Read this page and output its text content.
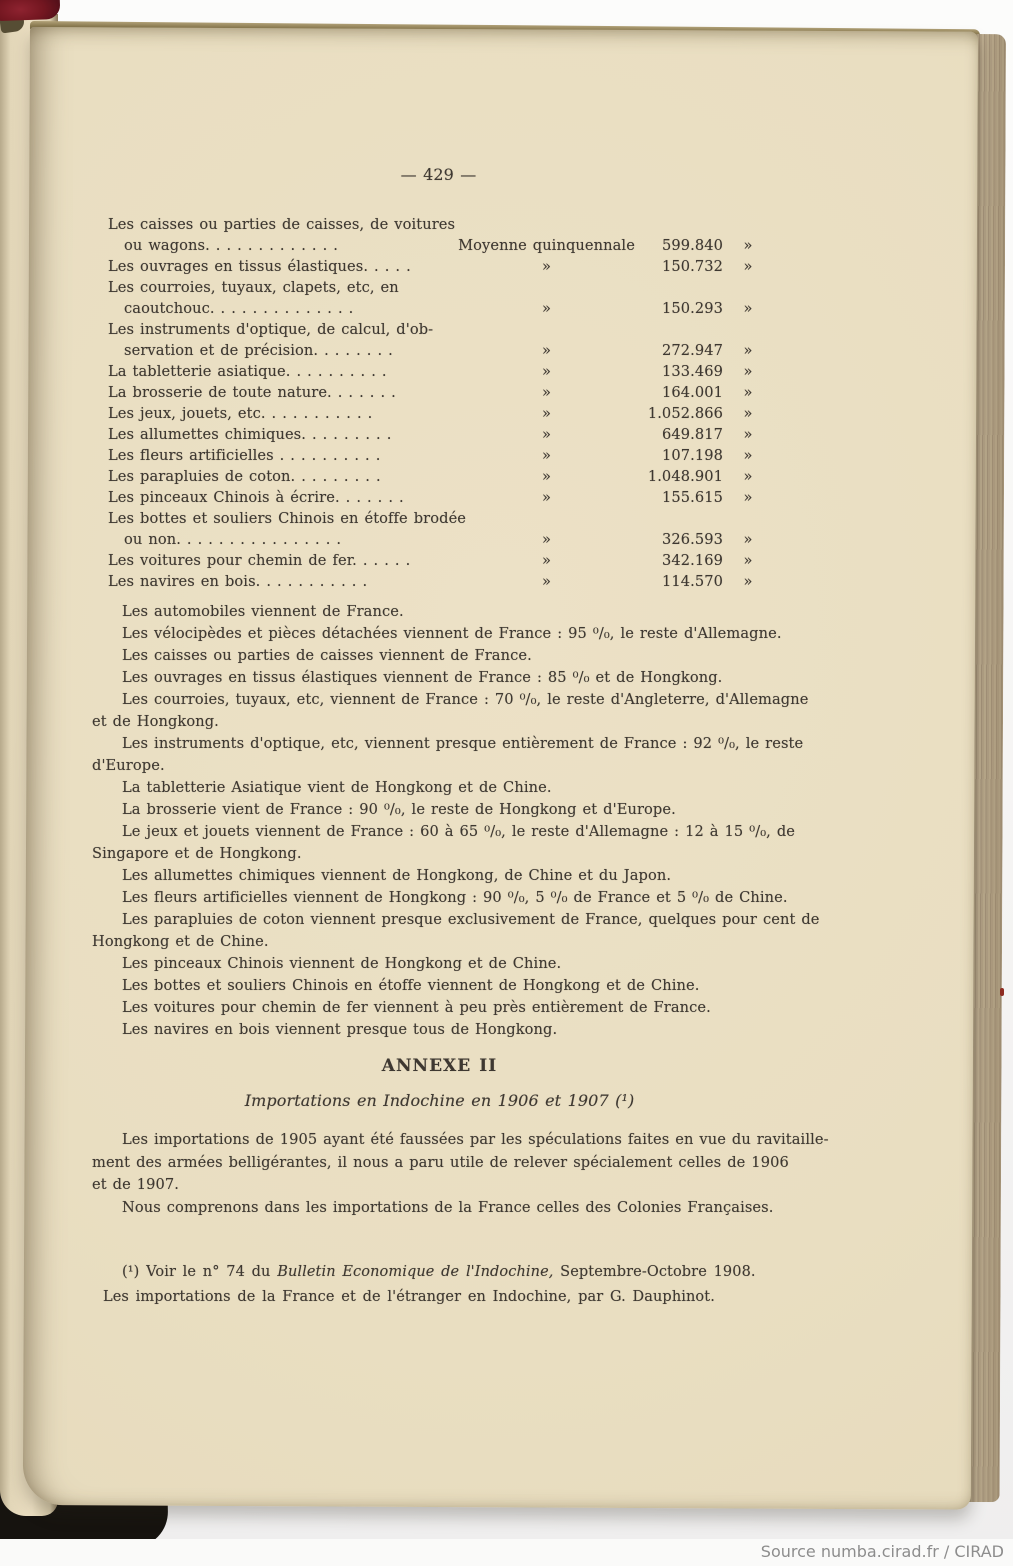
— 429 —
Les caisses ou parties de caisses, de voitures
ou wagons. . . . . . . . . . . . .	Moyenne quinquennale	599.840	»
Les ouvrages en tissus élastiques. . . . .	»	150.732	»
Les courroies, tuyaux, clapets, etc, en
caoutchouc. . . . . . . . . . . . . .	»	150.293	»
Les instruments d'optique, de calcul, d'ob-
servation et de précision. . . . . . . .	»	272.947	»
La tabletterie asiatique. . . . . . . . . .	»	133.469	»
La brosserie de toute nature. . . . . . .	»	164.001	»
Les jeux, jouets, etc. . . . . . . . . . .	»	1.052.866	»
Les allumettes chimiques. . . . . . . . .	»	649.817	»
Les fleurs artificielles . . . . . . . . . .	»	107.198	»
Les parapluies de coton. . . . . . . . .	»	1.048.901	»
Les pinceaux Chinois à écrire. . . . . . .	»	155.615	»
Les bottes et souliers Chinois en étoffe brodée
ou non. . . . . . . . . . . . . . . .	»	326.593	»
Les voitures pour chemin de fer. . . . . .	»	342.169	»
Les navires en bois. . . . . . . . . . .	»	114.570	»

Les automobiles viennent de France.

Les vélocipèdes et pièces détachées viennent de France : 95 ⁰/₀, le reste d'Allemagne.

Les caisses ou parties de caisses viennent de France.

Les ouvrages en tissus élastiques viennent de France : 85 ⁰/₀ et de Hongkong.

Les courroies, tuyaux, etc, viennent de France : 70 ⁰/₀, le reste d'Angleterre, d'Allemagne
et de Hongkong.

Les instruments d'optique, etc, viennent presque entièrement de France : 92 ⁰/₀, le reste
d'Europe.

La tabletterie Asiatique vient de Hongkong et de Chine.

La brosserie vient de France : 90 ⁰/₀, le reste de Hongkong et d'Europe.

Le jeux et jouets viennent de France : 60 à 65 ⁰/₀, le reste d'Allemagne : 12 à 15 ⁰/₀, de
Singapore et de Hongkong.

Les allumettes chimiques viennent de Hongkong, de Chine et du Japon.

Les fleurs artificielles viennent de Hongkong : 90 ⁰/₀, 5 ⁰/₀ de France et 5 ⁰/₀ de Chine.

Les parapluies de coton viennent presque exclusivement de France, quelques pour cent de
Hongkong et de Chine.

Les pinceaux Chinois viennent de Hongkong et de Chine.

Les bottes et souliers Chinois en étoffe viennent de Hongkong et de Chine.

Les voitures pour chemin de fer viennent à peu près entièrement de France.

Les navires en bois viennent presque tous de Hongkong.

ANNEXE II
Importations en Indochine en 1906 et 1907 (¹)

Les importations de 1905 ayant été faussées par les spéculations faites en vue du ravitaille-
ment des armées belligérantes, il nous a paru utile de relever spécialement celles de 1906
et de 1907.

Nous comprenons dans les importations de la France celles des Colonies Françaises.

(¹) Voir le n° 74 du Bulletin Economique de l'Indochine, Septembre-Octobre 1908.
Les importations de la France et de l'étranger en Indochine, par G. Dauphinot.
Source numba.cirad.fr / CIRAD
